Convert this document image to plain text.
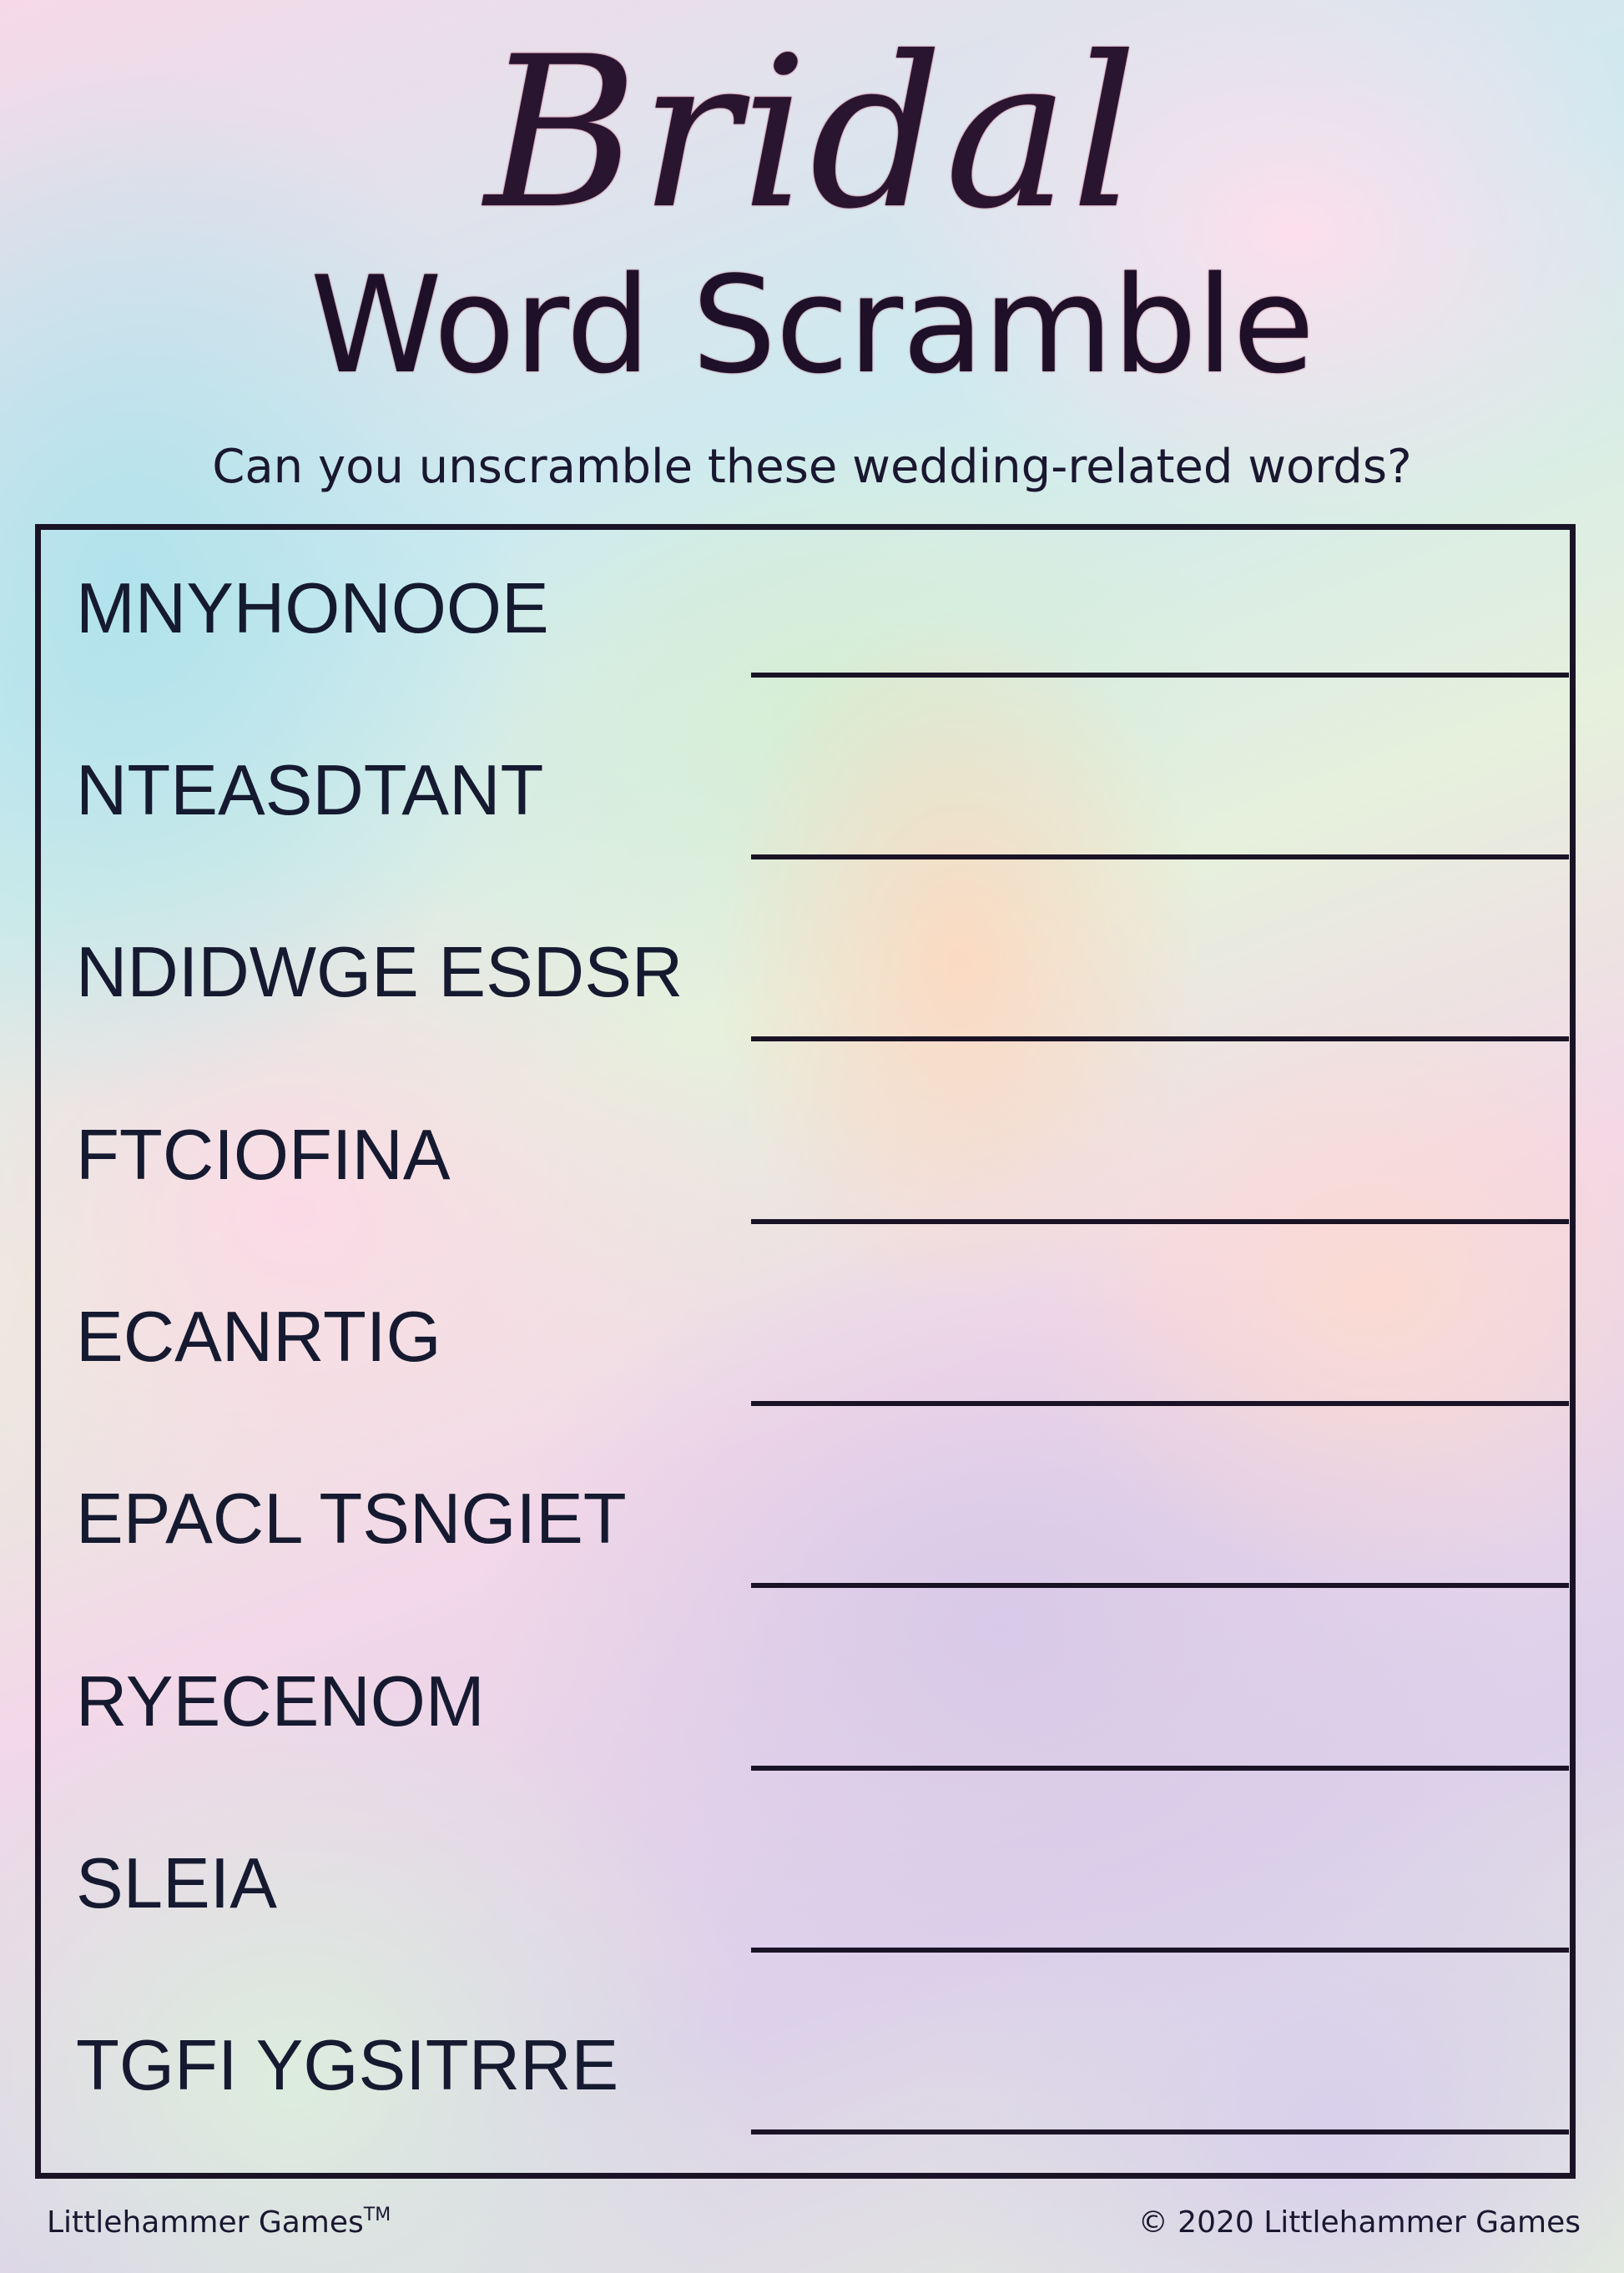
Bridal
Word Scramble
Can you unscramble these wedding-related words?
MNYHONOOE
NTEASDTANT
NDIDWGE ESDSR
FTCIOFINA
ECANRTIG
EPACL TSNGIET
RYECENOM
SLEIA
TGFI YGSITRRE
Littlehammer Games™	© 2020 Littlehammer Games
